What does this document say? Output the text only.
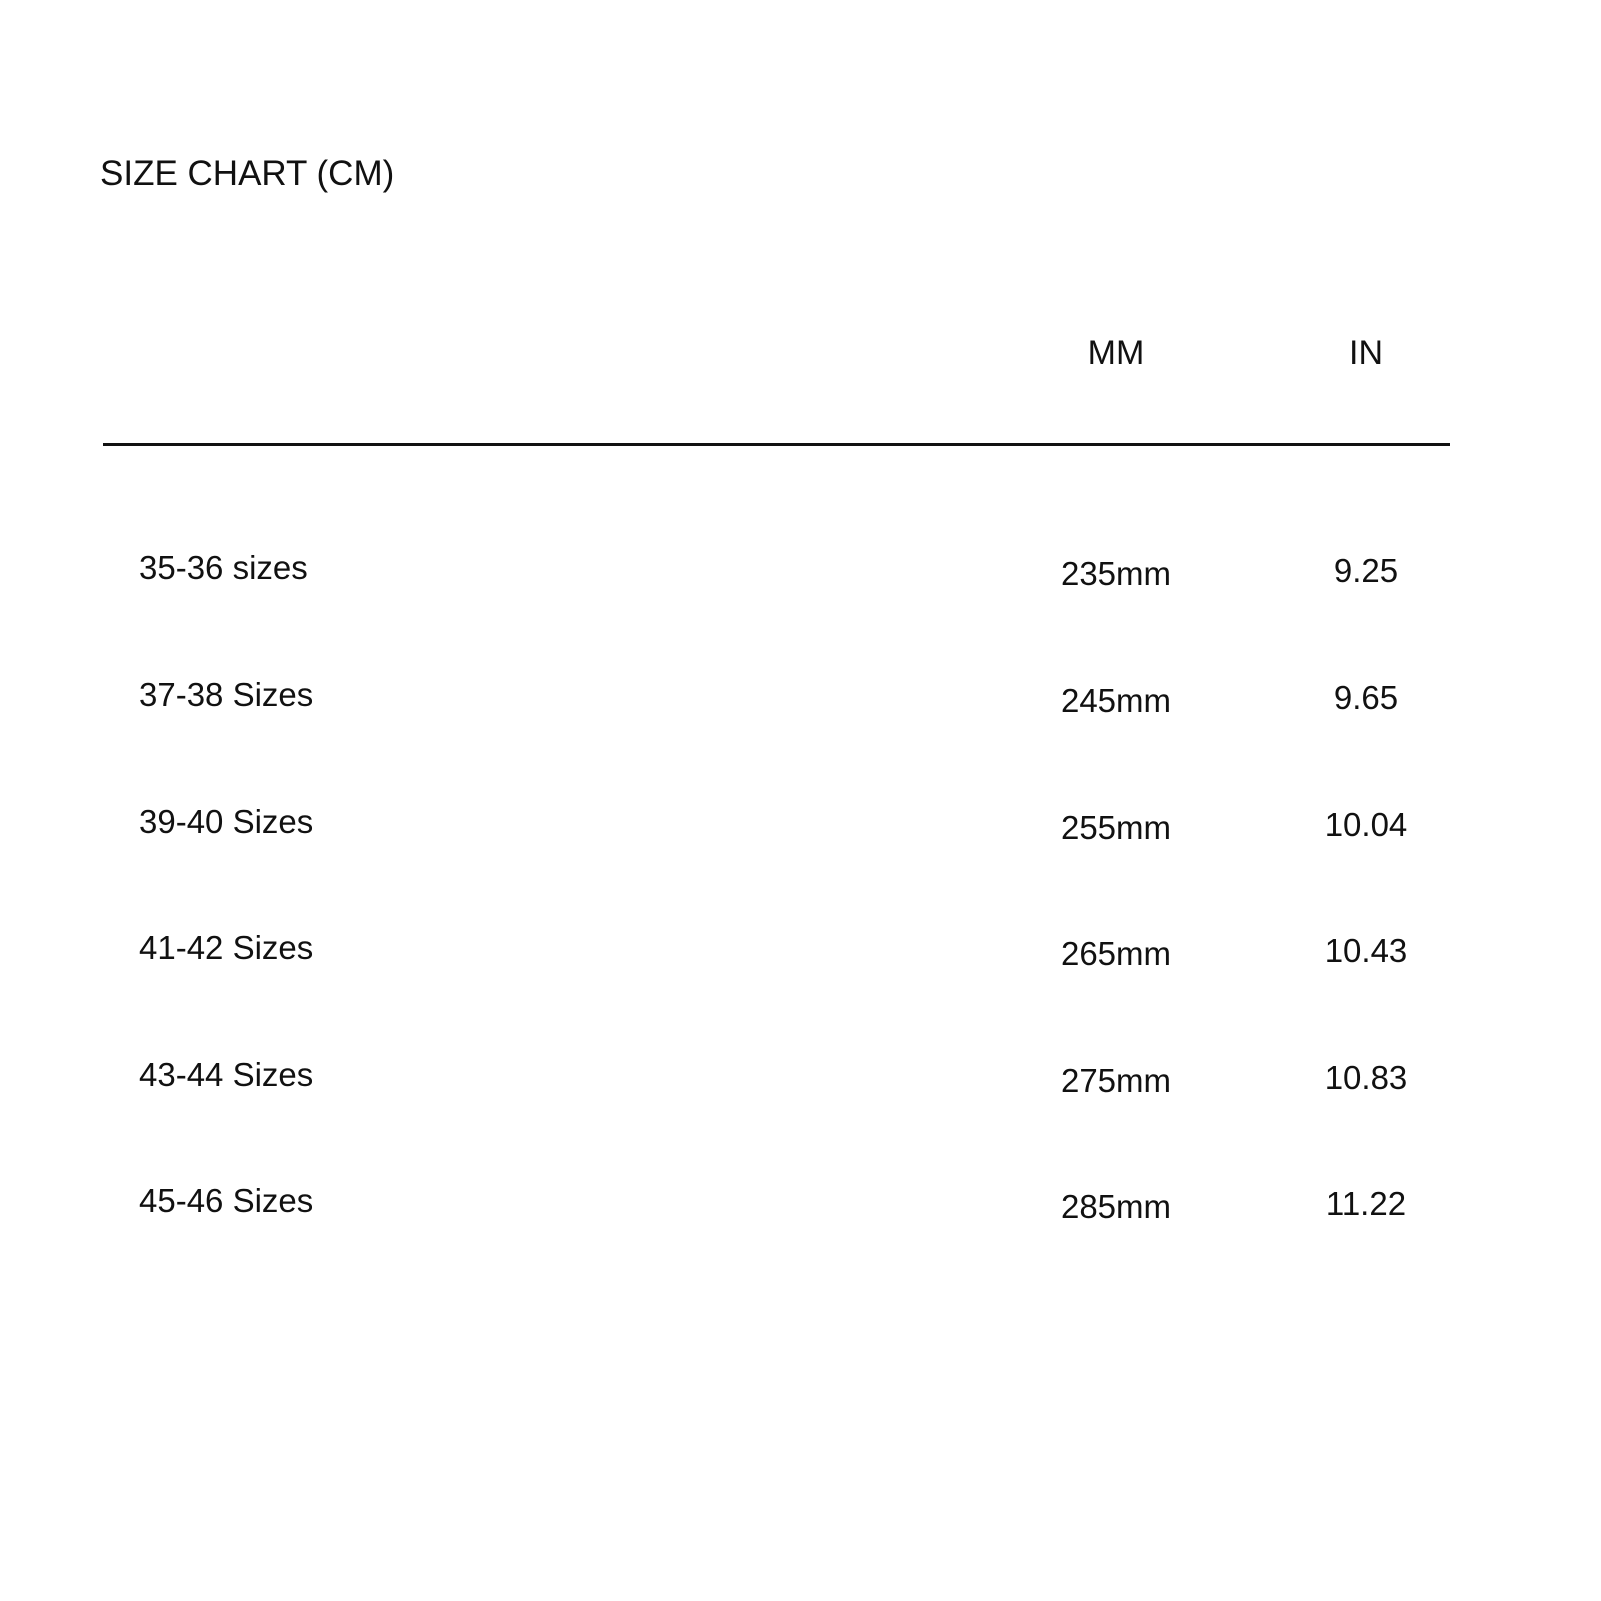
SIZE CHART (CM)
MM	IN
35-36 sizes	235mm	9.25
37-38 Sizes	245mm	9.65
39-40 Sizes	255mm	10.04
41-42 Sizes	265mm	10.43
43-44 Sizes	275mm	10.83
45-46 Sizes	285mm	11.22
